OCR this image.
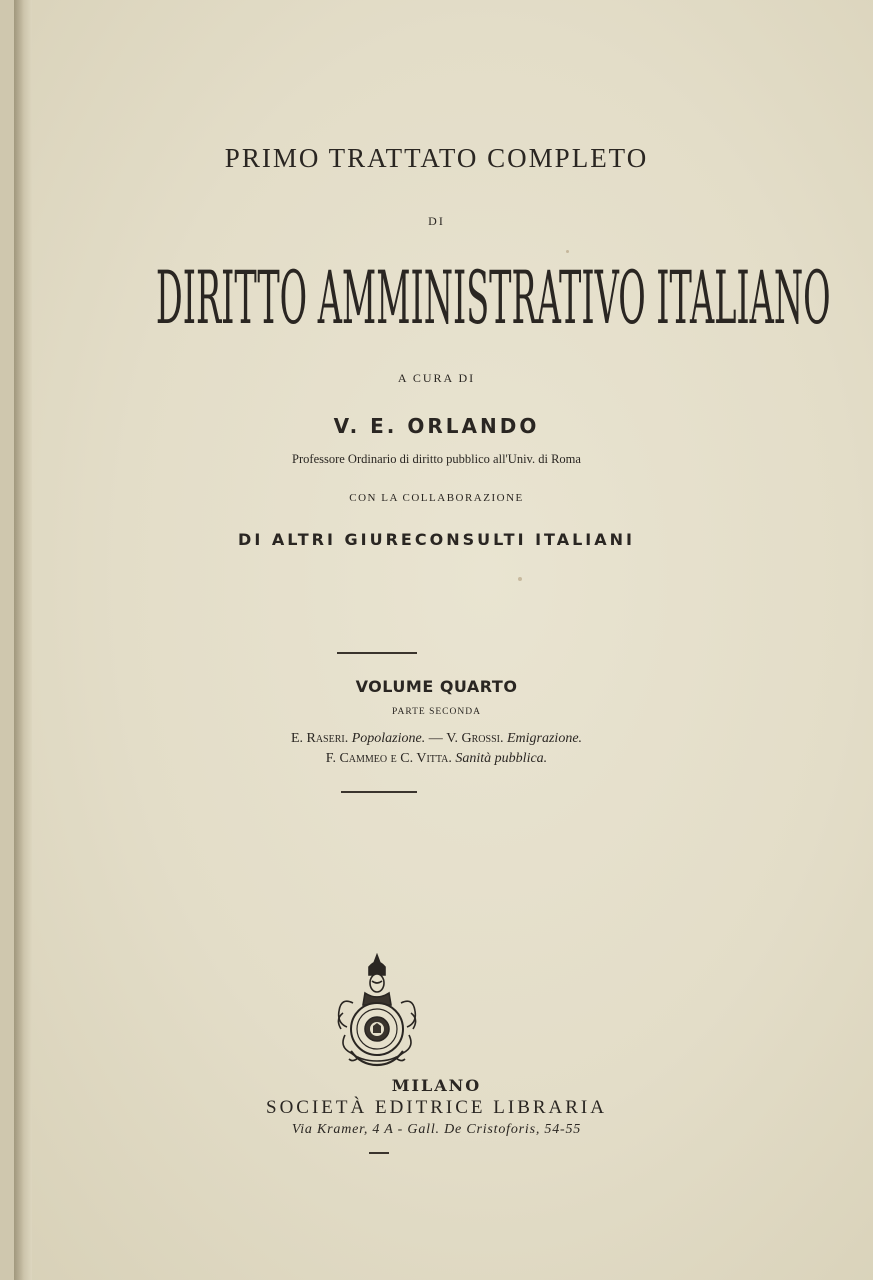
PRIMO TRATTATO COMPLETO
DI
DIRITTO AMMINISTRATIVO ITALIANO
A CURA DI
V. E. ORLANDO
Professore Ordinario di diritto pubblico all'Univ. di Roma
CON LA COLLABORAZIONE
DI ALTRI GIURECONSULTI ITALIANI
VOLUME QUARTO
PARTE SECONDA
E. Raseri. Popolazione. — V. Grossi. Emigrazione.
F. Cammeo e C. Vitta. Sanità pubblica.
MILANO
SOCIETÀ EDITRICE LIBRARIA
Via Kramer, 4 A - Gall. De Cristoforis, 54-55
